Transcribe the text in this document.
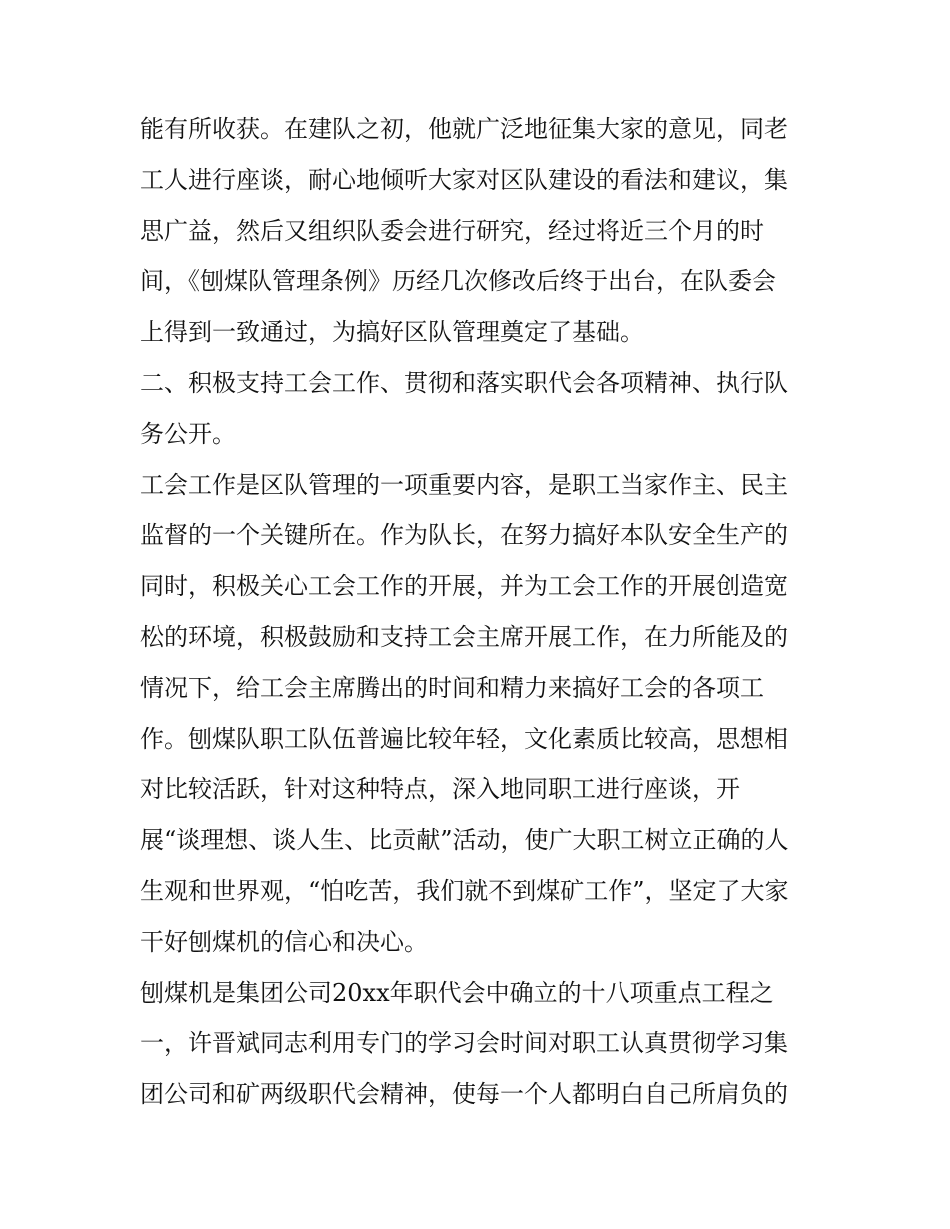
能有所收获。在建队之初，他就广泛地征集大家的意见，同老
工人进行座谈，耐心地倾听大家对区队建设的看法和建议，集
思广益，然后又组织队委会进行研究，经过将近三个月的时
间，《刨煤队管理条例》历经几次修改后终于出台，在队委会
上得到一致通过，为搞好区队管理奠定了基础。
二、积极支持工会工作、贯彻和落实职代会各项精神、执行队
务公开。
工会工作是区队管理的一项重要内容，是职工当家作主、民主
监督的一个关键所在。作为队长，在努力搞好本队安全生产的
同时，积极关心工会工作的开展，并为工会工作的开展创造宽
松的环境，积极鼓励和支持工会主席开展工作，在力所能及的
情况下，给工会主席腾出的时间和精力来搞好工会的各项工
作。刨煤队职工队伍普遍比较年轻，文化素质比较高，思想相
对比较活跃，针对这种特点，深入地同职工进行座谈，开
展“谈理想、谈人生、比贡献”活动，使广大职工树立正确的人
生观和世界观，“怕吃苦，我们就不到煤矿工作”，坚定了大家
干好刨煤机的信心和决心。
刨煤机是集团公司20xx年职代会中确立的十八项重点工程之
一，许晋斌同志利用专门的学习会时间对职工认真贯彻学习集
团公司和矿两级职代会精神，使每一个人都明白自己所肩负的
